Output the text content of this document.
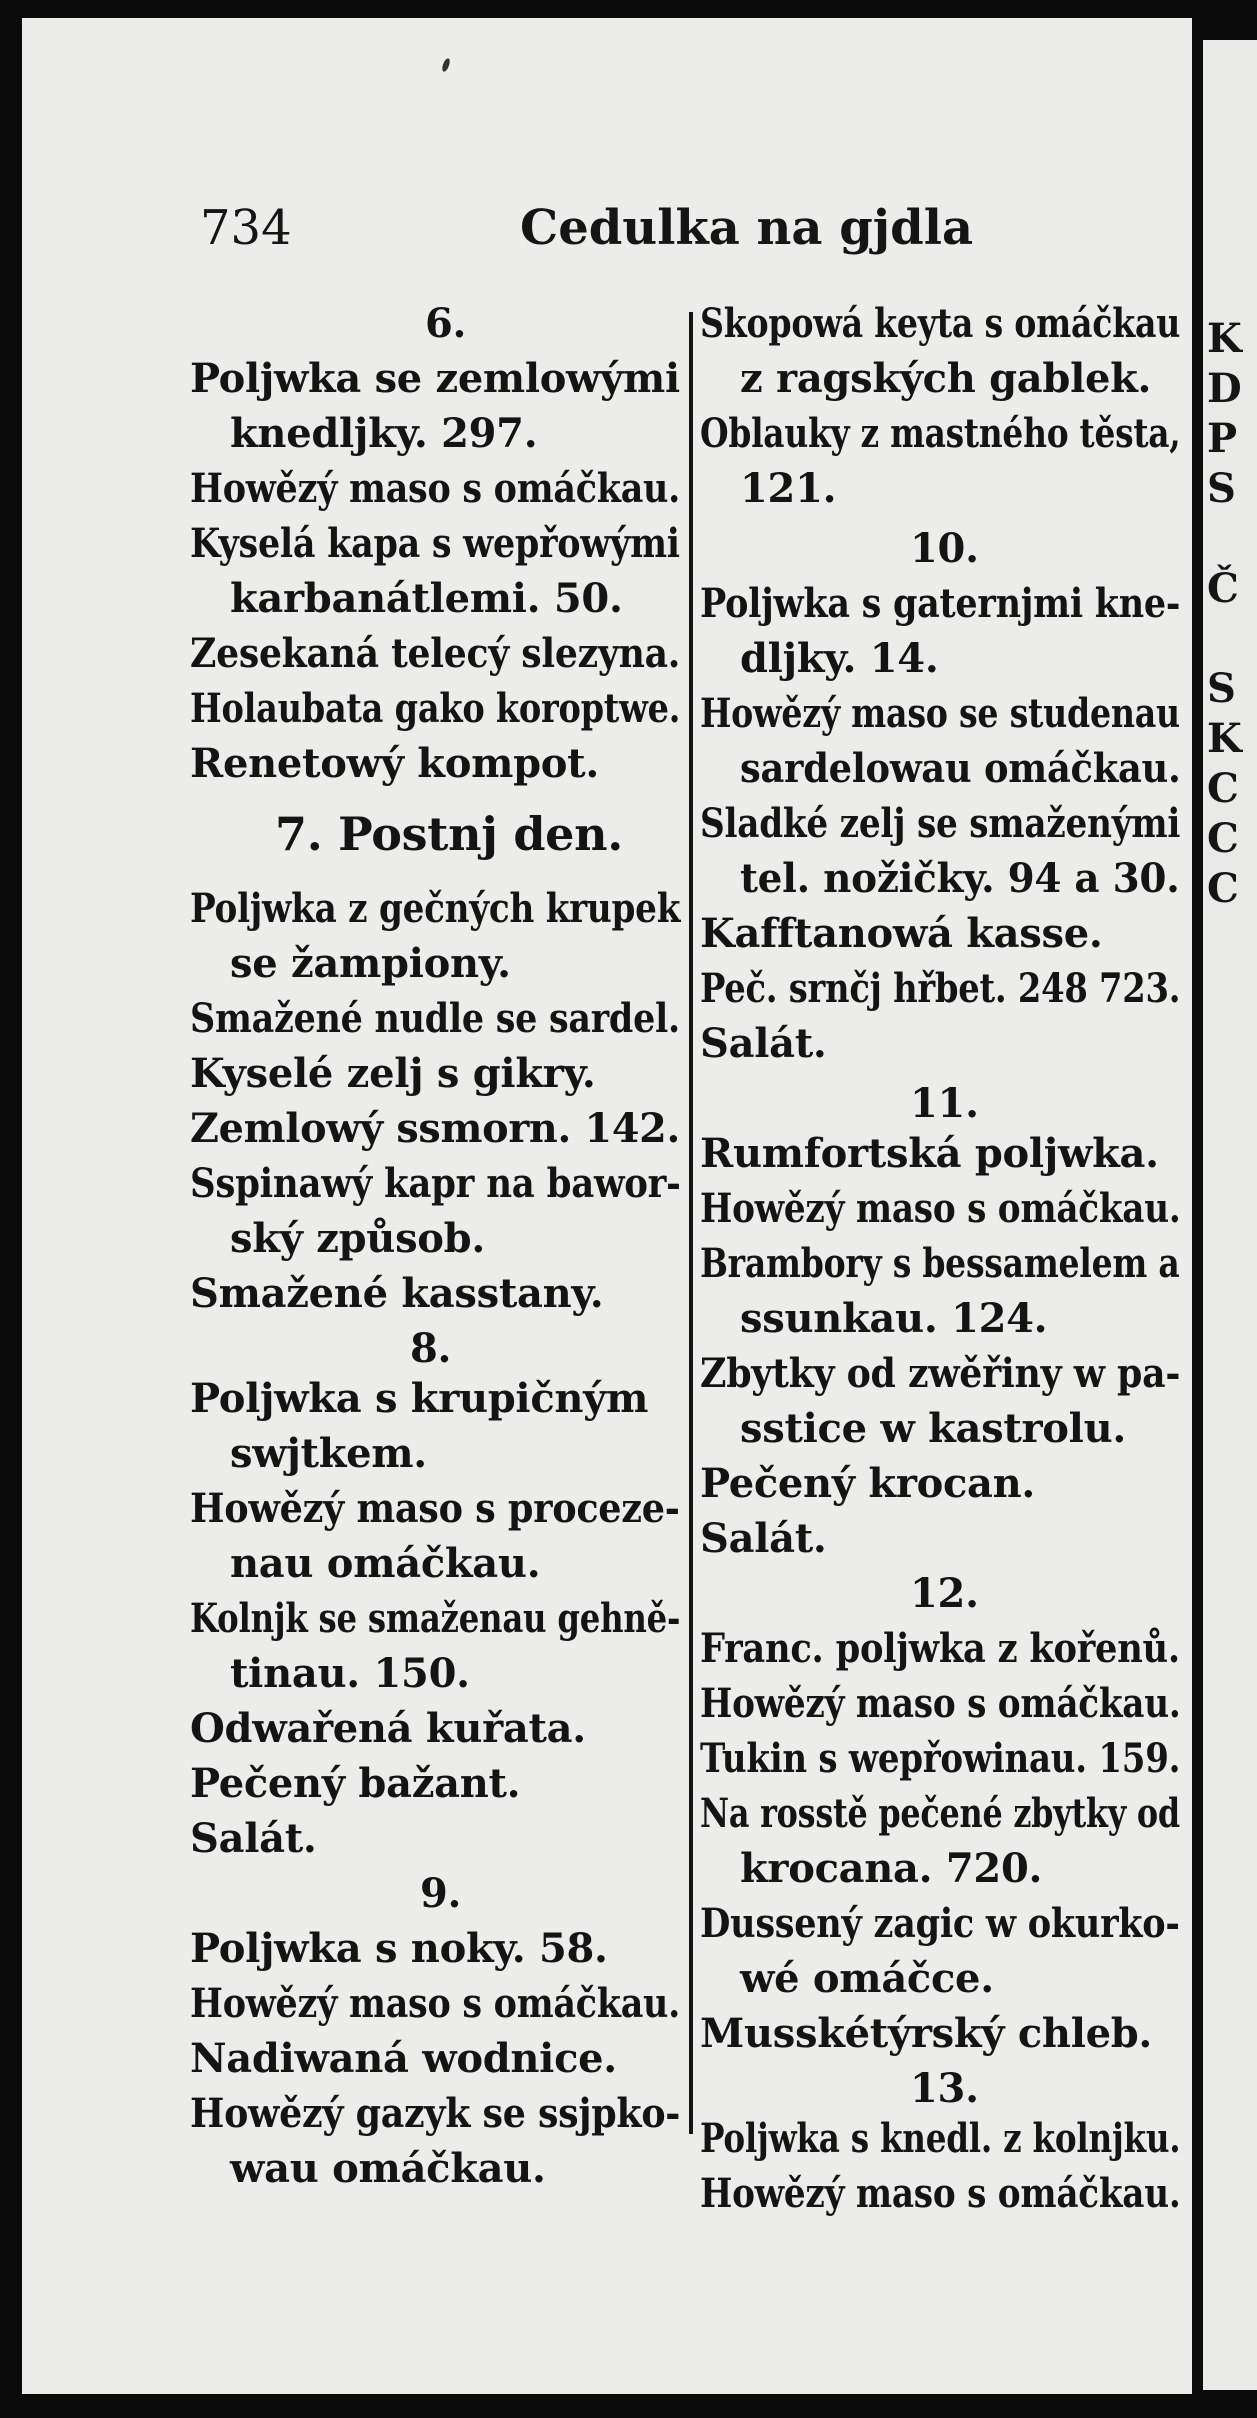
K
D
P
S
Č
S
K
C
C
C
734	Cedulka na gjdla
6.
Poljwka se zemlowými
knedljky. 297.
Howězý maso s omáčkau.
Kyselá kapa s wepřowými
karbanátlemi. 50.
Zesekaná telecý slezyna.
Holaubata gako koroptwe.
Renetowý kompot.
7. Postnj den.
Poljwka z gečných krupek
se žampiony.
Smažené nudle se sardel.
Kyselé zelj s gikry.
Zemlowý ssmorn. 142.
Sspinawý kapr na bawor-
ský způsob.
Smažené kasstany.
8.
Poljwka s krupičným
swjtkem.
Howězý maso s proceze-
nau omáčkau.
Kolnjk se smaženau gehně-
tinau. 150.
Odwařená kuřata.
Pečený bažant.
Salát.
9.
Poljwka s noky. 58.
Howězý maso s omáčkau.
Nadiwaná wodnice.
Howězý gazyk se ssjpko-
wau omáčkau.
Skopowá keyta s omáčkau
z ragských gablek.
Oblauky z mastného těsta,
121.
10.
Poljwka s gaternjmi kne-
dljky. 14.
Howězý maso se studenau
sardelowau omáčkau.
Sladké zelj se smaženými
tel. nožičky. 94 a 30.
Kafftanowá kasse.
Peč. srnčj hřbet. 248 723.
Salát.
11.
Rumfortská poljwka.
Howězý maso s omáčkau.
Brambory s bessamelem a
ssunkau. 124.
Zbytky od zwěřiny w pa-
sstice w kastrolu.
Pečený krocan.
Salát.
12.
Franc. poljwka z kořenů.
Howězý maso s omáčkau.
Tukin s wepřowinau. 159.
Na rosstě pečené zbytky od
krocana. 720.
Dussený zagic w okurko-
wé omáčce.
Musskétýrský chleb.
13.
Poljwka s knedl. z kolnjku.
Howězý maso s omáčkau.
